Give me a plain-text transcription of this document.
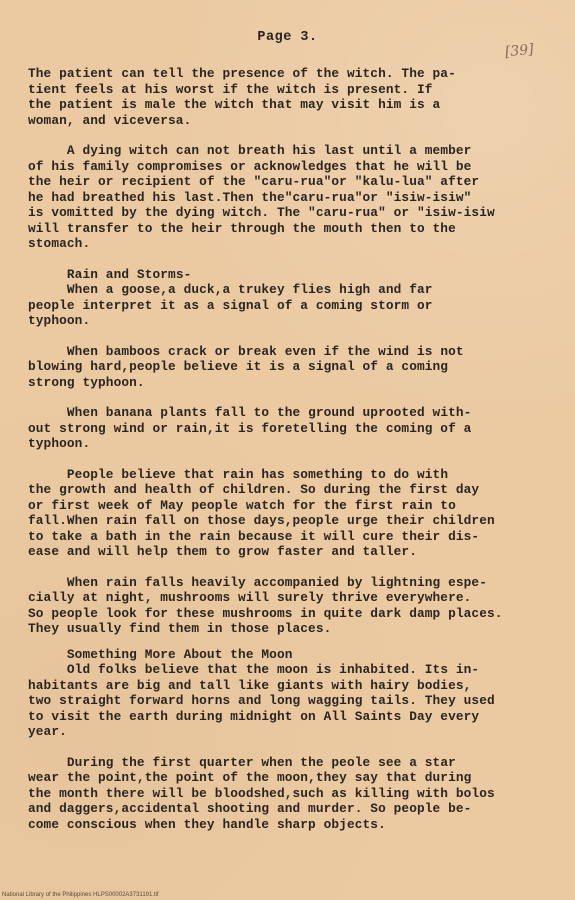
Page 3.
[39]

The patient can tell the presence of the witch. The pa-
tient feels at his worst if the witch is present. If
the patient is male the witch that may visit him is a
woman, and viceversa.

A dying witch can not breath his last until a member
of his family compromises or acknowledges that he will be
the heir or recipient of the "caru-rua"or "kalu-lua" after
he had breathed his last.Then the"caru-rua"or "isiw-isiw"
is vomitted by the dying witch. The "caru-rua" or "isiw-isiw
will transfer to the heir through the mouth then to the
stomach.

Rain and Storms-
When a goose,a duck,a trukey flies high and far
people interpret it as a signal of a coming storm or
typhoon.

When bamboos crack or break even if the wind is not
blowing hard,people believe it is a signal of a coming
strong typhoon.

When banana plants fall to the ground uprooted with-
out strong wind or rain,it is foretelling the coming of a
typhoon.

People believe that rain has something to do with
the growth and health of children. So during the first day
or first week of May people watch for the first rain to
fall.When rain fall on those days,people urge their children
to take a bath in the rain because it will cure their dis-
ease and will help them to grow faster and taller.

When rain falls heavily accompanied by lightning espe-
cially at night, mushrooms will surely thrive everywhere.
So people look for these mushrooms in quite dark damp places.
They usually find them in those places.

Something More About the Moon
Old folks believe that the moon is inhabited. Its in-
habitants are big and tall like giants with hairy bodies,
two straight forward horns and long wagging tails. They used
to visit the earth during midnight on All Saints Day every
year.

During the first quarter when the peole see a star
wear the point,the point of the moon,they say that during
the month there will be bloodshed,such as killing with bolos
and daggers,accidental shooting and murder. So people be-
come conscious when they handle sharp objects.

National Library of the Philippines HLPS00002A3731191.tif
